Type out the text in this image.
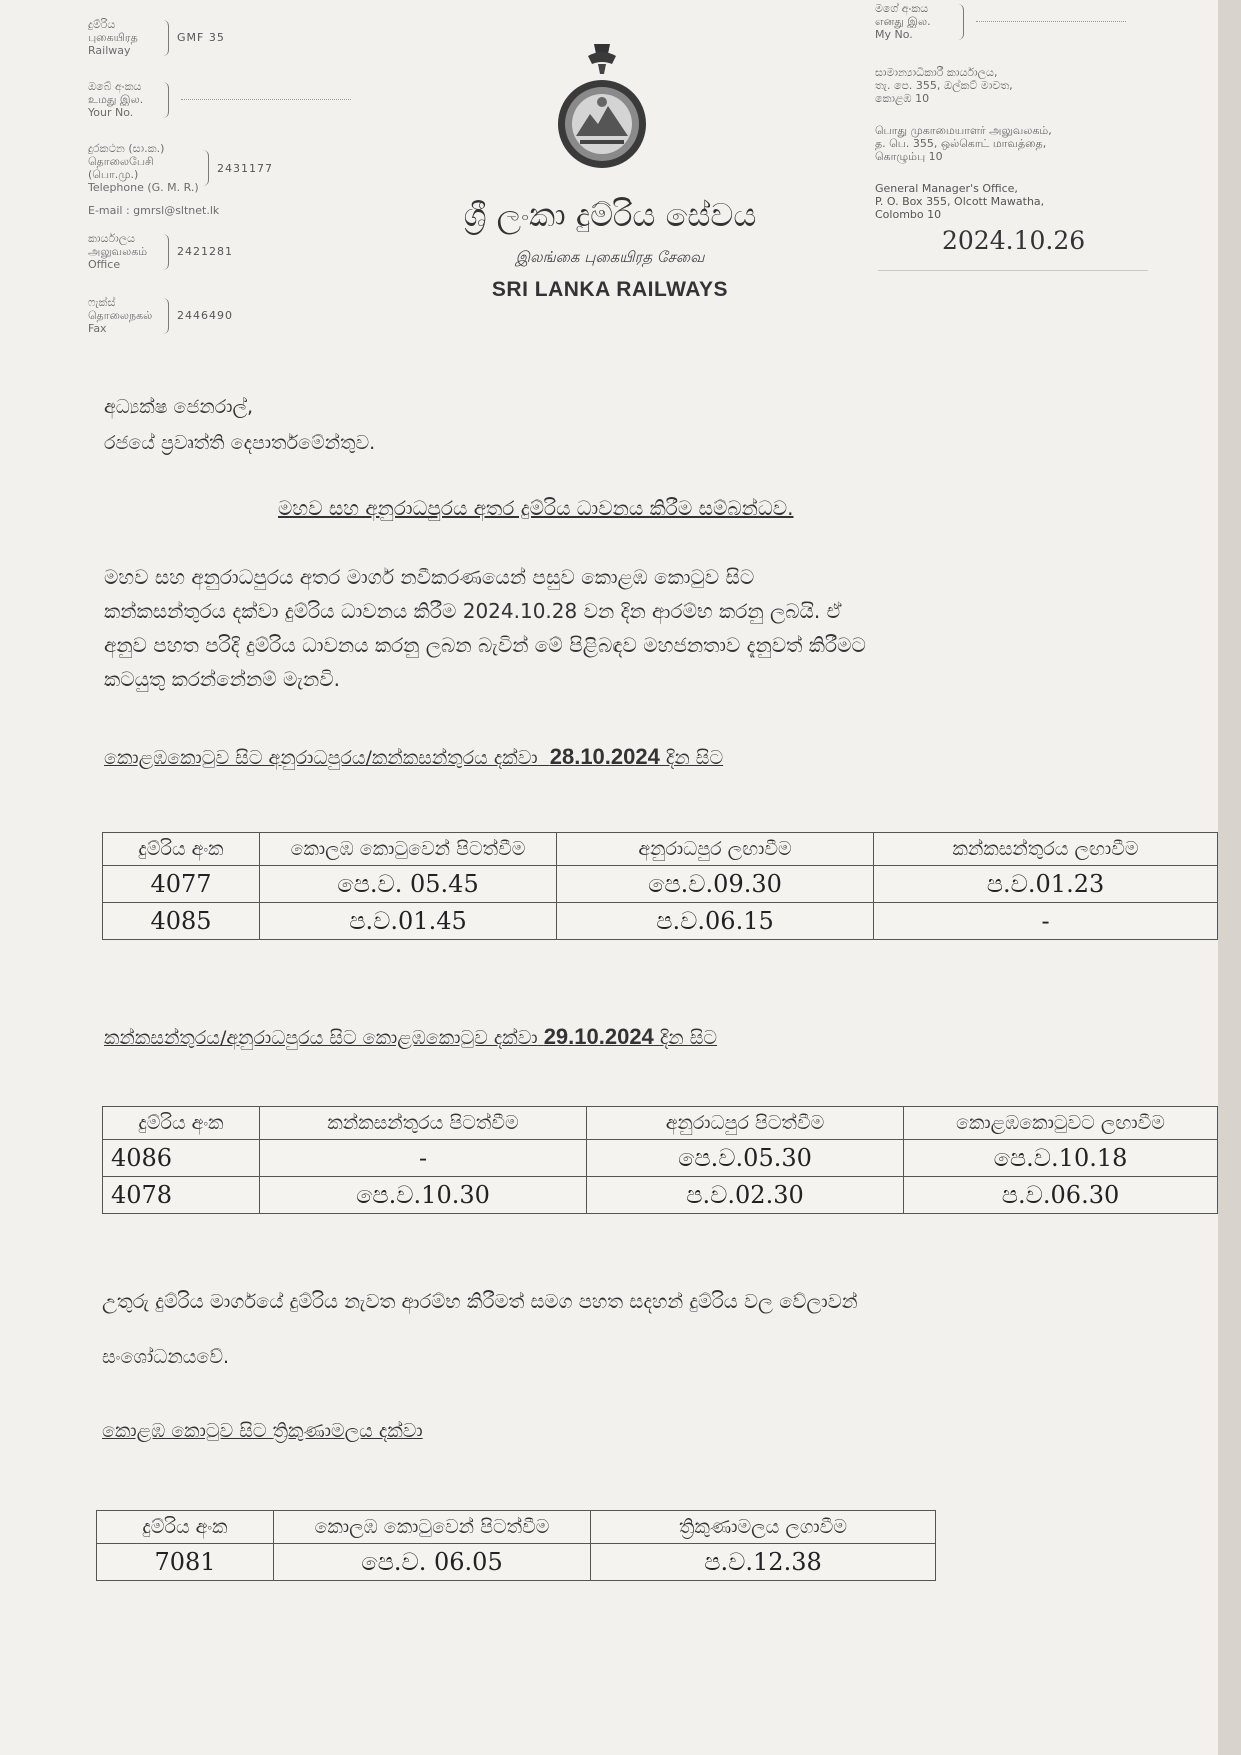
දුම්රිය
புகையிரத
Railway
GMF 35
ඔබේ අංකය
உமது இல.
Your No.
දුරකථන (සා.ක.)
தொலைபேசி (பொ.மு.)
Telephone (G. M. R.)
2431177
E-mail : gmrsl@sltnet.lk
කාර්යාලය
அலுவலகம்
Office
2421281
ෆැක්ස්
தொலைநகல்
Fax
2446490
ශ්‍රී ලංකා දුම්රිය සේවය
இலங்கை புகையிரத சேவை
SRI LANKA RAILWAYS
මගේ අංකය
எனது இல.
My No.
සාමාන්‍යාධිකාරී කාර්යාලය,
තැ. පෙ. 355, ඔල්කට් මාවත,
කොළඹ 10
பொது முகாமையாளர் அலுவலகம்,
த. பெ. 355, ஒல்கொட் மாவத்தை,
கொழும்பு 10
General Manager's Office,
P. O. Box 355, Olcott Mawatha,
Colombo 10
2024.10.26
අධ්‍යක්ෂ ජෙනරාල්,
රජයේ ප්‍රවෘත්ති දෙපාර්තමේන්තුව.
මහව සහ අනුරාධපුරය අතර දුම්රිය ධාවනය කිරීම සම්බන්ධව.
මහව සහ අනුරාධපුරය අතර මාර්ග නවීකරණයෙන් පසුව කොළඹ කොටුව සිට
කන්කසන්තුරය දක්වා දුම්රිය ධාවනය කිරීම 2024.10.28 වන දින ආරම්භ කරනු ලබයි. ඒ
අනුව පහත පරිදි දුම්රිය ධාවනය කරනු ලබන බැවින් මේ පිළිබඳව මහජනතාව දැනුවත් කිරීමට
කටයුතු කරන්නේනම් මැනවි.
කොළඹකොටුව සිට අනුරාධපුරය/කන්කසන්තුරය දක්වා 28.10.2024 දින සිට
දුම්රිය අංක	කොලඹ කොටුවෙන් පිටත්වීම	අනුරාධපුර ලඟාවීම	කන්කසන්තුරය ලඟාවීම
4077	පෙ.ව. 05.45	පෙ.ව.09.30	ප.ව.01.23
4085	ප.ව.01.45	ප.ව.06.15	-
කන්කසන්තුරය/අනුරාධපුරය සිට කොළඹකොටුව දක්වා 29.10.2024 දින සිට
දුම්රිය අංක	කන්කසන්තුරය පිටත්වීම	අනුරාධපුර පිටත්වීම	කොළඹකොටුවට ලඟාවීම
4086	-	පෙ.ව.05.30	පෙ.ව.10.18
4078	පෙ.ව.10.30	ප.ව.02.30	ප.ව.06.30
උතුරු දුම්රිය මාර්ගයේ දුම්රිය නැවත ආරම්භ කිරීමත් සමග පහත සදහන් දුම්රිය වල වේලාවන්
සංශෝධනයවේ.
කොළඹ කොටුව සිට ත්‍රිකුණාමලය දක්වා
දුම්රිය අංක	කොලඹ කොටුවෙන් පිටත්වීම	ත්‍රිකුණාමලය ලගාවීම
7081	පෙ.ව. 06.05	ප.ව.12.38
